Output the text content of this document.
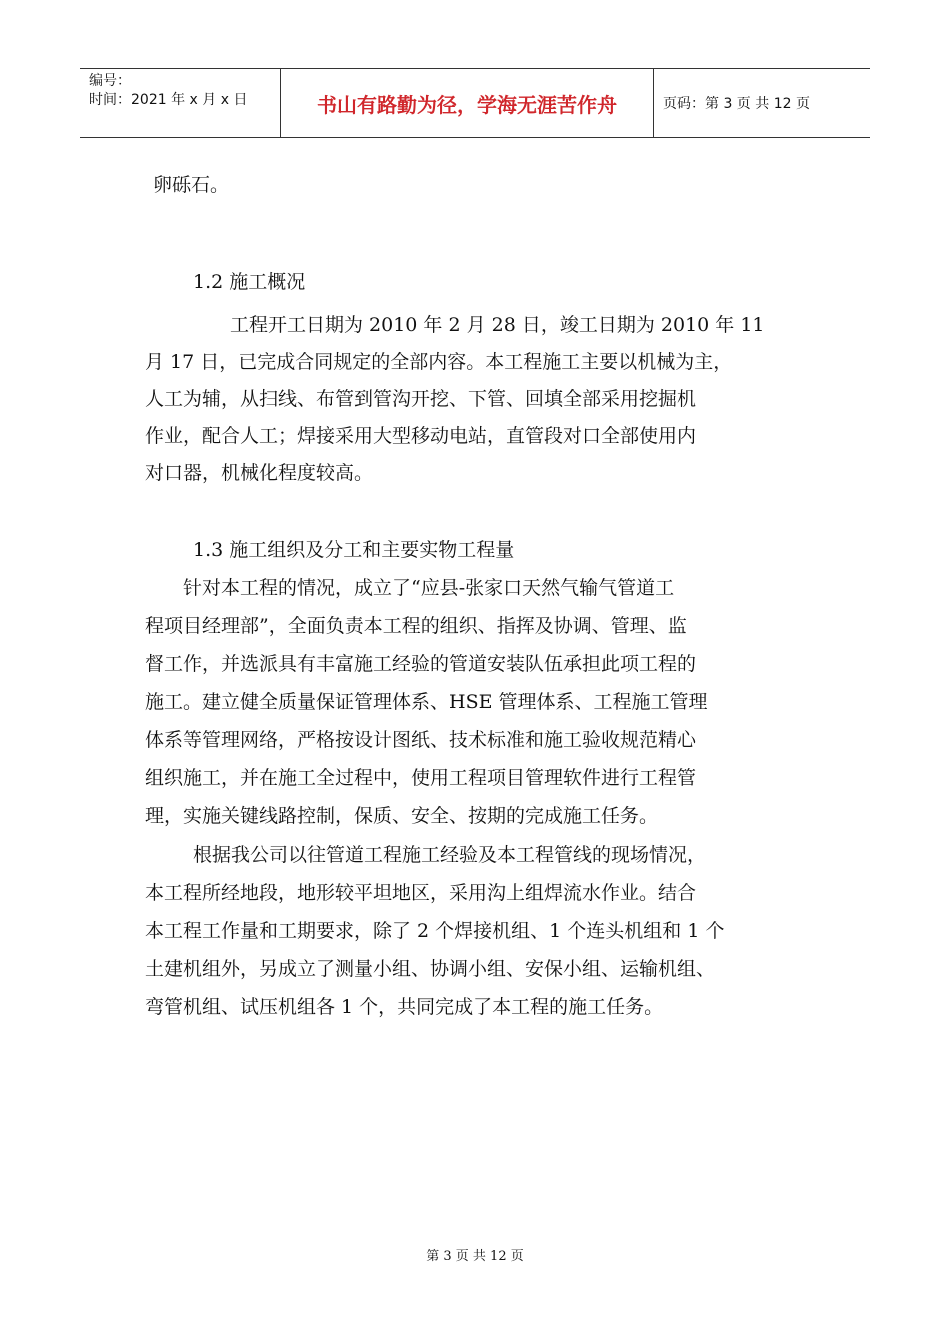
编号：
时间：2021 年 x 月 x 日	书山有路勤为径，学海无涯苦作舟	页码：第 3 页 共 12 页
卵砾石。
1.2 施工概况
工程开工日期为 2010 年 2 月 28 日，竣工日期为 2010 年 11
月 17 日，已完成合同规定的全部内容。本工程施工主要以机械为主，
人工为辅，从扫线、布管到管沟开挖、下管、回填全部采用挖掘机
作业，配合人工；焊接采用大型移动电站，直管段对口全部使用内
对口器，机械化程度较高。
1.3 施工组织及分工和主要实物工程量
针对本工程的情况，成立了“应县-张家口天然气输气管道工
程项目经理部”，全面负责本工程的组织、指挥及协调、管理、监
督工作，并选派具有丰富施工经验的管道安装队伍承担此项工程的
施工。建立健全质量保证管理体系、HSE 管理体系、工程施工管理
体系等管理网络，严格按设计图纸、技术标准和施工验收规范精心
组织施工，并在施工全过程中，使用工程项目管理软件进行工程管
理，实施关键线路控制，保质、安全、按期的完成施工任务。
根据我公司以往管道工程施工经验及本工程管线的现场情况，
本工程所经地段，地形较平坦地区，采用沟上组焊流水作业。结合
本工程工作量和工期要求，除了 2 个焊接机组、1 个连头机组和 1 个
土建机组外，另成立了测量小组、协调小组、安保小组、运输机组、
弯管机组、试压机组各 1 个，共同完成了本工程的施工任务。
第 3 页 共 12 页
